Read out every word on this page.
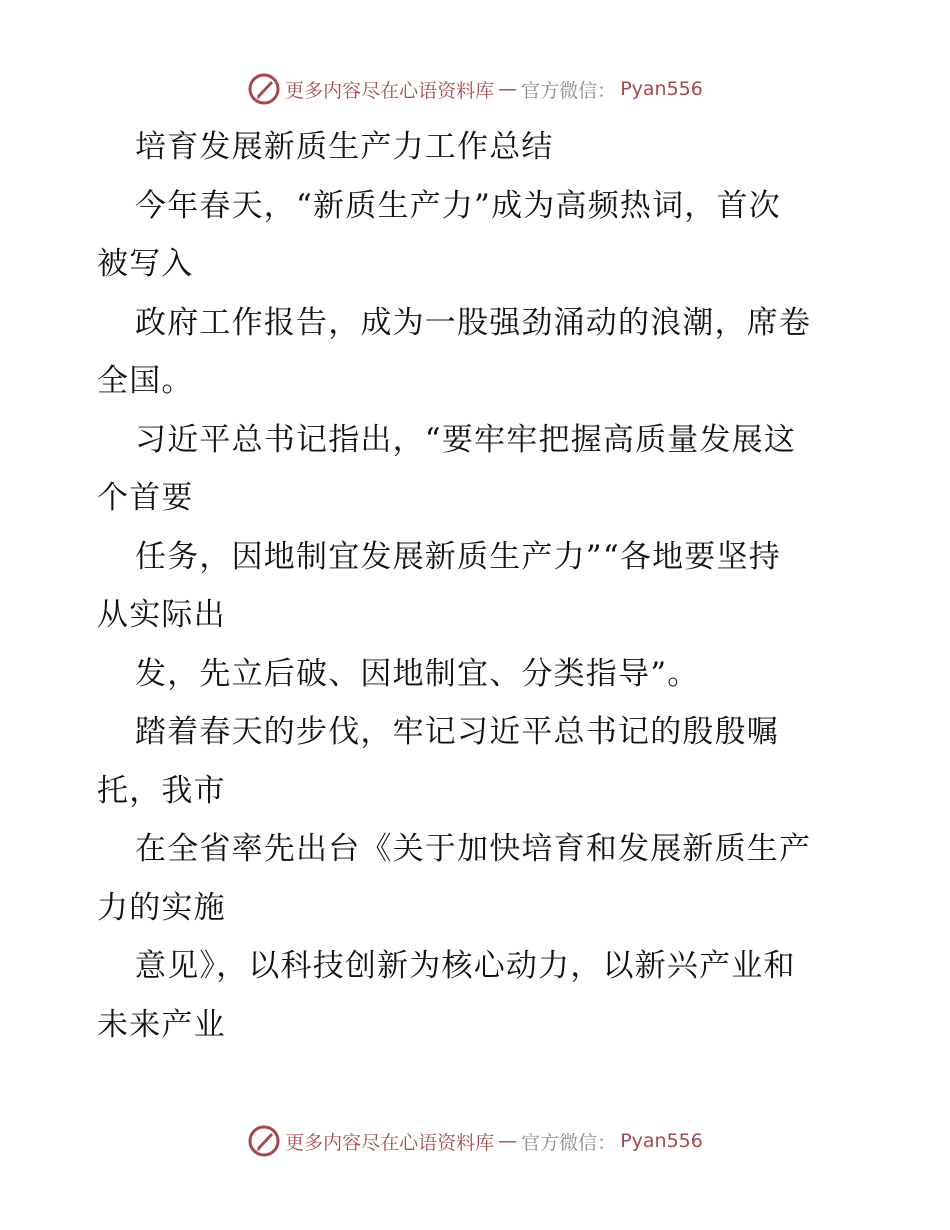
更多内容尽在心语资料库 — 官方微信： Pyan556
培育发展新质生产力工作总结
今年春天，“新质生产力”成为高频热词，首次
被写入
政府工作报告，成为一股强劲涌动的浪潮，席卷
全国。
习近平总书记指出，“要牢牢把握高质量发展这
个首要
任务，因地制宜发展新质生产力”“各地要坚持
从实际出
发，先立后破、因地制宜、分类指导”。
踏着春天的步伐，牢记习近平总书记的殷殷嘱
托，我市
在全省率先出台《关于加快培育和发展新质生产
力的实施
意见》，以科技创新为核心动力，以新兴产业和
未来产业
更多内容尽在心语资料库 — 官方微信： Pyan556
